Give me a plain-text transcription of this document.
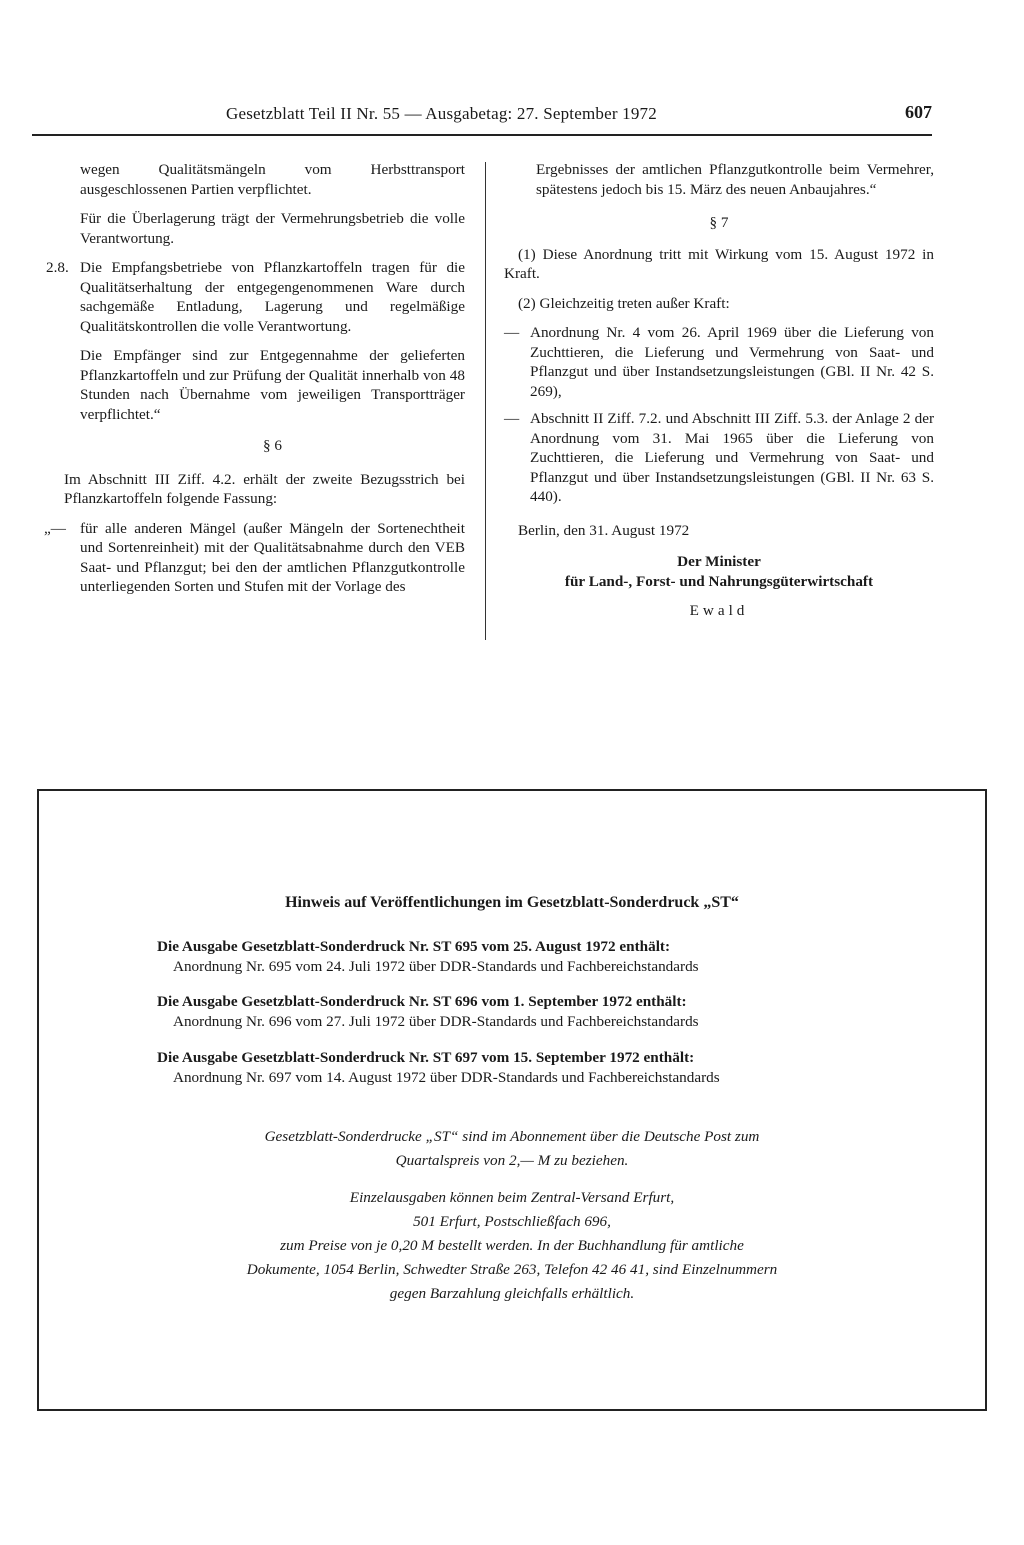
Gesetzblatt Teil II Nr. 55 — Ausgabetag: 27. September 1972	607

wegen Qualitätsmängeln vom Herbsttransport ausgeschlossenen Partien verpflichtet.

Für die Überlagerung trägt der Vermehrungsbetrieb die volle Verantwortung.

2.8. Die Empfangsbetriebe von Pflanzkartoffeln tragen für die Qualitätserhaltung der entgegengenommenen Ware durch sachgemäße Entladung, Lagerung und regelmäßige Qualitätskontrollen die volle Verantwortung.

Die Empfänger sind zur Entgegennahme der gelieferten Pflanzkartoffeln und zur Prüfung der Qualität innerhalb von 48 Stunden nach Übernahme vom jeweiligen Transportträger verpflichtet.“

§ 6

Im Abschnitt III Ziff. 4.2. erhält der zweite Bezugsstrich bei Pflanzkartoffeln folgende Fassung:

„— für alle anderen Mängel (außer Mängeln der Sortenechtheit und Sortenreinheit) mit der Qualitätsabnahme durch den VEB Saat- und Pflanzgut; bei den der amtlichen Pflanzgutkontrolle unterliegenden Sorten und Stufen mit der Vorlage des

Ergebnisses der amtlichen Pflanzgutkontrolle beim Vermehrer, spätestens jedoch bis 15. März des neuen Anbaujahres.“

§ 7

(1) Diese Anordnung tritt mit Wirkung vom 15. August 1972 in Kraft.

(2) Gleichzeitig treten außer Kraft:

— Anordnung Nr. 4 vom 26. April 1969 über die Lieferung von Zuchttieren, die Lieferung und Vermehrung von Saat- und Pflanzgut und über Instandsetzungsleistungen (GBl. II Nr. 42 S. 269),

— Abschnitt II Ziff. 7.2. und Abschnitt III Ziff. 5.3. der Anlage 2 der Anordnung vom 31. Mai 1965 über die Lieferung von Zuchttieren, die Lieferung und Vermehrung von Saat- und Pflanzgut und über Instandsetzungsleistungen (GBl. II Nr. 63 S. 440).

Berlin, den 31. August 1972

Der Minister
für Land-, Forst- und Nahrungsgüterwirtschaft
Ewald
Hinweis auf Veröffentlichungen im Gesetzblatt-Sonderdruck „ST“
Die Ausgabe Gesetzblatt-Sonderdruck Nr. ST 695 vom 25. August 1972 enthält:
Anordnung Nr. 695 vom 24. Juli 1972 über DDR-Standards und Fachbereichstandards
Die Ausgabe Gesetzblatt-Sonderdruck Nr. ST 696 vom 1. September 1972 enthält:
Anordnung Nr. 696 vom 27. Juli 1972 über DDR-Standards und Fachbereichstandards
Die Ausgabe Gesetzblatt-Sonderdruck Nr. ST 697 vom 15. September 1972 enthält:
Anordnung Nr. 697 vom 14. August 1972 über DDR-Standards und Fachbereichstandards
Gesetzblatt-Sonderdrucke „ST“ sind im Abonnement über die Deutsche Post zum
Quartalspreis von 2,— M zu beziehen.
Einzelausgaben können beim Zentral-Versand Erfurt,
501 Erfurt, Postschließfach 696,
zum Preise von je 0,20 M bestellt werden. In der Buchhandlung für amtliche
Dokumente, 1054 Berlin, Schwedter Straße 263, Telefon 42 46 41, sind Einzelnummern
gegen Barzahlung gleichfalls erhältlich.
